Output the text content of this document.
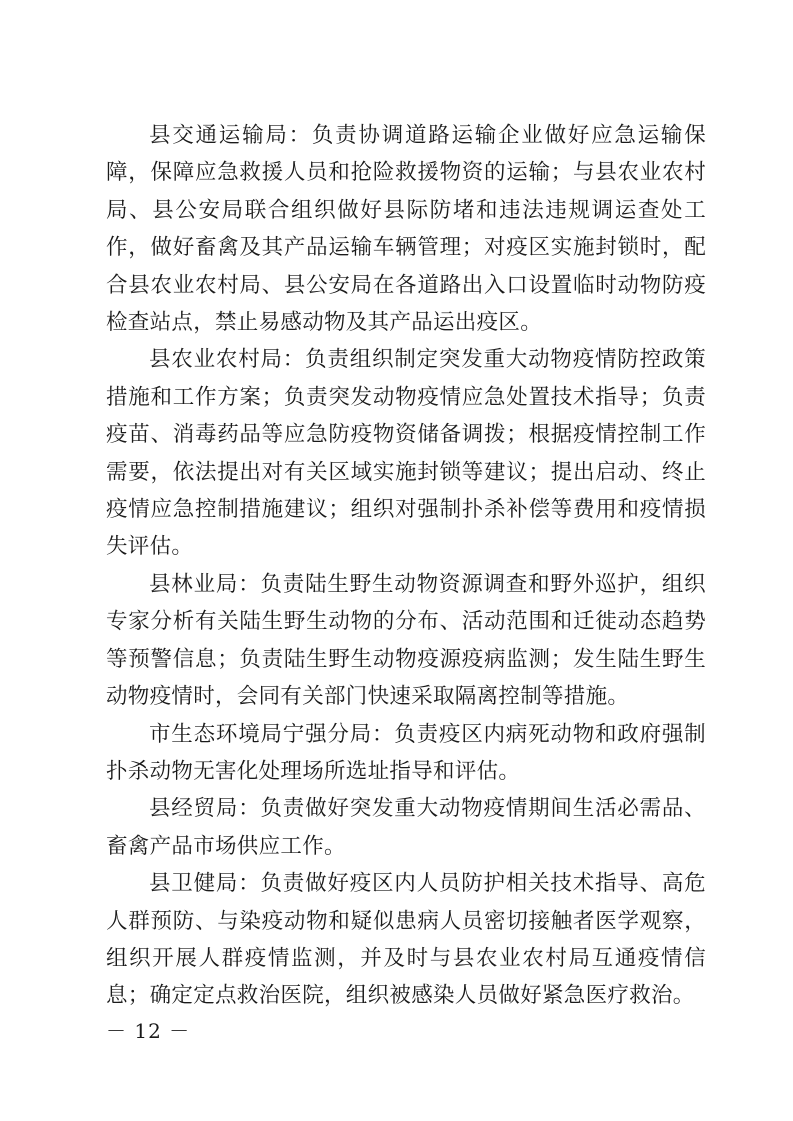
县交通运输局：负责协调道路运输企业做好应急运输保障，保障应急救援人员和抢险救援物资的运输；与县农业农村局、县公安局联合组织做好县际防堵和违法违规调运查处工作，做好畜禽及其产品运输车辆管理；对疫区实施封锁时，配合县农业农村局、县公安局在各道路出入口设置临时动物防疫检查站点，禁止易感动物及其产品运出疫区。

县农业农村局：负责组织制定突发重大动物疫情防控政策措施和工作方案；负责突发动物疫情应急处置技术指导；负责疫苗、消毒药品等应急防疫物资储备调拨；根据疫情控制工作需要，依法提出对有关区域实施封锁等建议；提出启动、终止疫情应急控制措施建议；组织对强制扑杀补偿等费用和疫情损失评估。

县林业局：负责陆生野生动物资源调查和野外巡护，组织专家分析有关陆生野生动物的分布、活动范围和迁徙动态趋势等预警信息；负责陆生野生动物疫源疫病监测；发生陆生野生动物疫情时，会同有关部门快速采取隔离控制等措施。

市生态环境局宁强分局：负责疫区内病死动物和政府强制扑杀动物无害化处理场所选址指导和评估。

县经贸局：负责做好突发重大动物疫情期间生活必需品、畜禽产品市场供应工作。

县卫健局：负责做好疫区内人员防护相关技术指导、高危人群预防、与染疫动物和疑似患病人员密切接触者医学观察，组织开展人群疫情监测，并及时与县农业农村局互通疫情信息；确定定点救治医院，组织被感染人员做好紧急医疗救治。

－ 12 －
